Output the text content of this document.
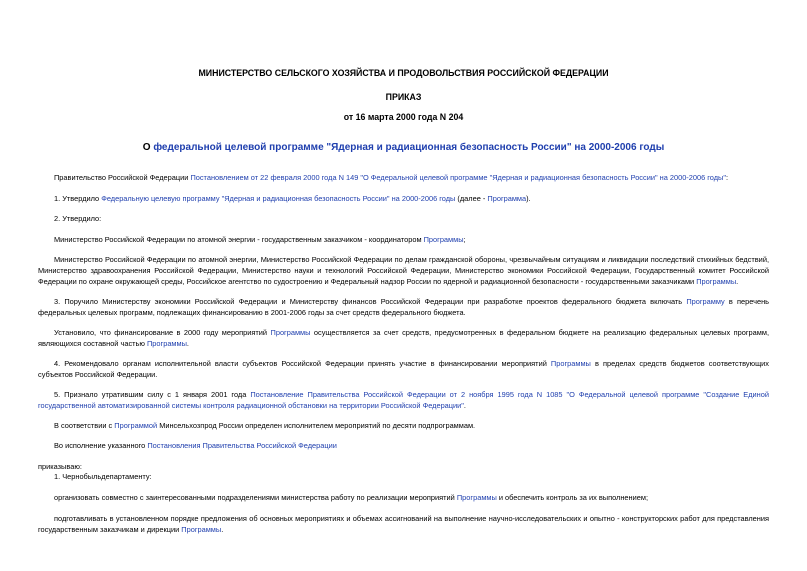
МИНИСТЕРСТВО СЕЛЬСКОГО ХОЗЯЙСТВА И ПРОДОВОЛЬСТВИЯ РОССИЙСКОЙ ФЕДЕРАЦИИ
ПРИКАЗ
от 16 марта 2000 года N 204
О федеральной целевой программе "Ядерная и радиационная безопасность России" на 2000-2006 годы
Правительство Российской Федерации Постановлением от 22 февраля 2000 года N 149 "О Федеральной целевой программе "Ядерная и радиационная безопасность России" на 2000-2006 годы":
1. Утвердило Федеральную целевую программу "Ядерная и радиационная безопасность России" на 2000-2006 годы (далее - Программа).
2. Утвердило:
Министерство Российской Федерации по атомной энергии - государственным заказчиком - координатором Программы;
Министерство Российской Федерации по атомной энергии, Министерство Российской Федерации по делам гражданской обороны, чрезвычайным ситуациям и ликвидации последствий стихийных бедствий, Министерство здравоохранения Российской Федерации, Министерство науки и технологий Российской Федерации, Министерство экономики Российской Федерации, Государственный комитет Российской Федерации по охране окружающей среды, Российское агентство по судостроению и Федеральный надзор России по ядерной и радиационной безопасности - государственными заказчиками Программы.
3. Поручило Министерству экономики Российской Федерации и Министерству финансов Российской Федерации при разработке проектов федерального бюджета включать Программу в перечень федеральных целевых программ, подлежащих финансированию в 2001-2006 годы за счет средств федерального бюджета.
Установило, что финансирование в 2000 году мероприятий Программы осуществляется за счет средств, предусмотренных в федеральном бюджете на реализацию федеральных целевых программ, являющихся составной частью Программы.
4. Рекомендовало органам исполнительной власти субъектов Российской Федерации принять участие в финансировании мероприятий Программы в пределах средств бюджетов соответствующих субъектов Российской Федерации.
5. Признало утратившим силу с 1 января 2001 года Постановление Правительства Российской Федерации от 2 ноября 1995 года N 1085 "О Федеральной целевой программе "Создание Единой государственной автоматизированной системы контроля радиационной обстановки на территории Российской Федерации".
В соответствии с Программой Минсельхозпрод России определен исполнителем мероприятий по десяти подпрограммам.
Во исполнение указанного Постановления Правительства Российской Федерации
приказываю:
1. Чернобыльдепартаменту:
организовать совместно с заинтересованными подразделениями министерства работу по реализации мероприятий Программы и обеспечить контроль за их выполнением;
подготавливать в установленном порядке предложения об основных мероприятиях и объемах ассигнований на выполнение научно-исследовательских и опытно - конструкторских работ для представления государственным заказчикам и дирекции Программы.
